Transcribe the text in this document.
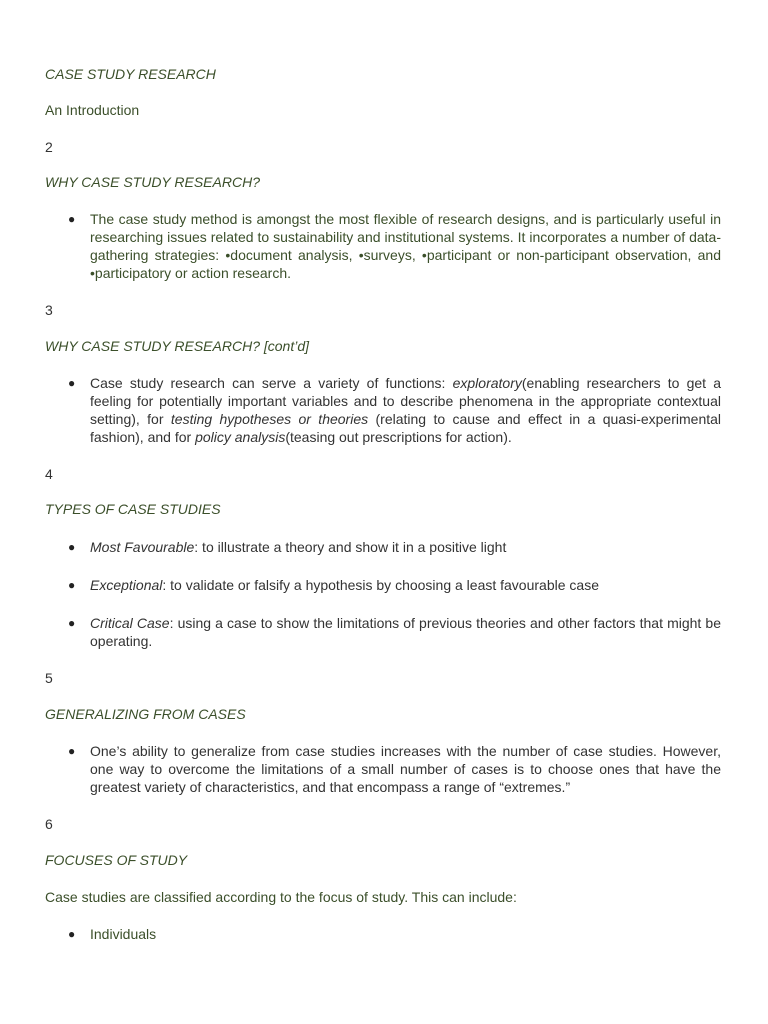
CASE STUDY RESEARCH

An Introduction

2

WHY CASE STUDY RESEARCH?

● The case study method is amongst the most flexible of research designs, and is particularly useful in researching issues related to sustainability and institutional systems. It incorporates a number of data-gathering strategies: •document analysis, •surveys, •participant or non-participant observation, and •participatory or action research.

3

WHY CASE STUDY RESEARCH? [cont’d]

● Case study research can serve a variety of functions: exploratory(enabling researchers to get a feeling for potentially important variables and to describe phenomena in the appropriate contextual setting), for testing hypotheses or theories (relating to cause and effect in a quasi-experimental fashion), and for policy analysis(teasing out prescriptions for action).

4

TYPES OF CASE STUDIES

● Most Favourable: to illustrate a theory and show it in a positive light
● Exceptional: to validate or falsify a hypothesis by choosing a least favourable case
● Critical Case: using a case to show the limitations of previous theories and other factors that might be operating.

5

GENERALIZING FROM CASES

● One’s ability to generalize from case studies increases with the number of case studies. However, one way to overcome the limitations of a small number of cases is to choose ones that have the greatest variety of characteristics, and that encompass a range of “extremes.”

6

FOCUSES OF STUDY

Case studies are classified according to the focus of study. This can include:

● Individuals
